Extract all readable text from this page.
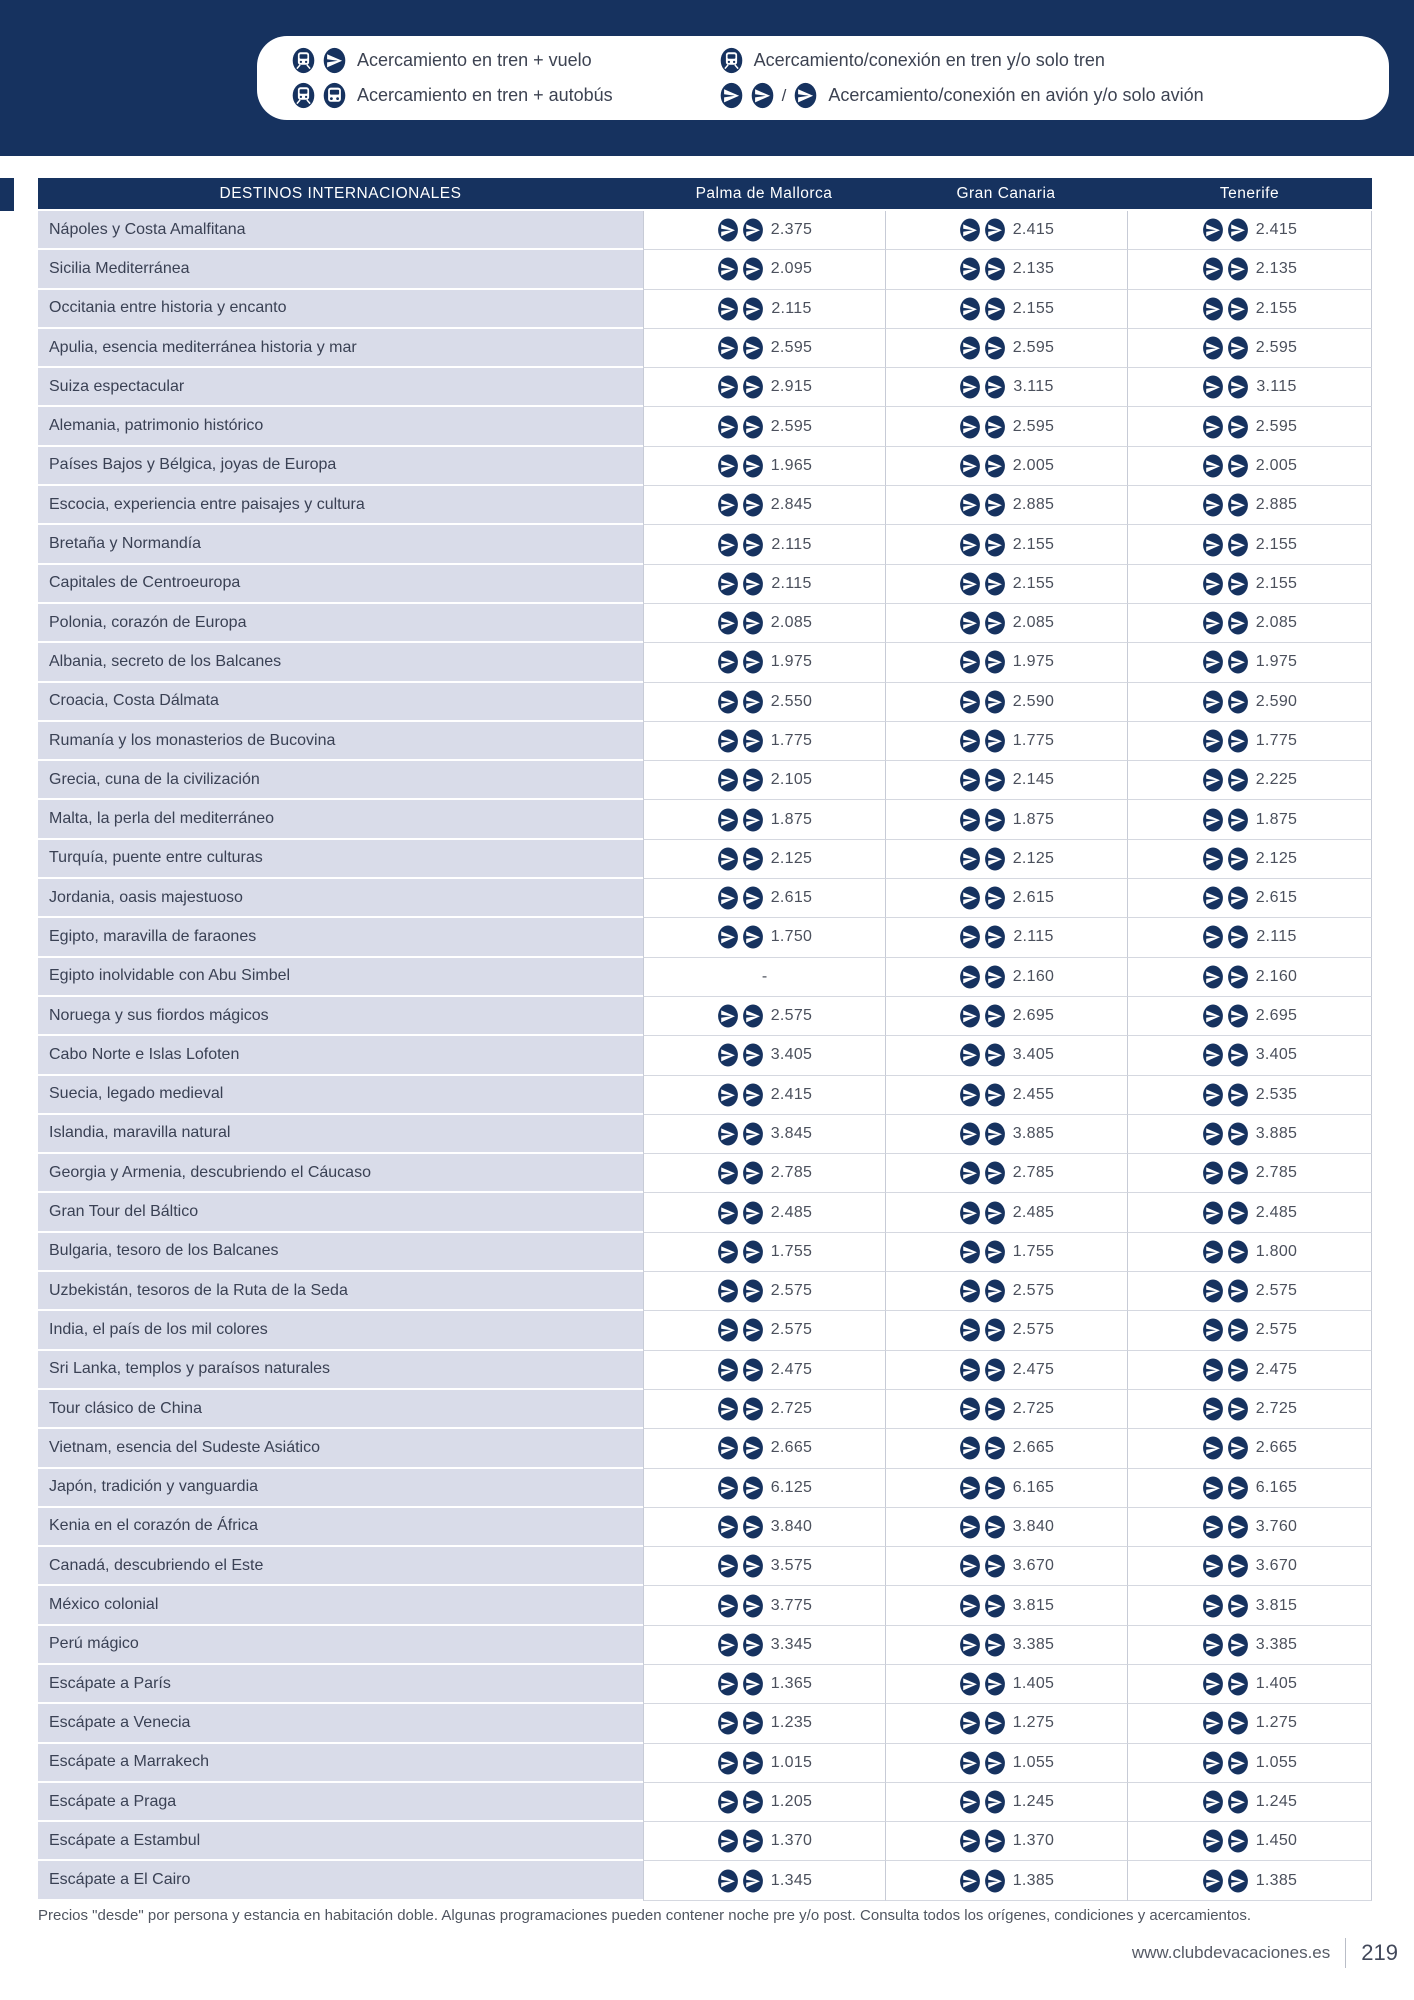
Acercamiento en tren + vuelo
Acercamiento en tren + autobús
Acercamiento/conexión en tren y/o solo tren
/ Acercamiento/conexión en avión y/o solo avión
DESTINOS INTERNACIONALES	Palma de Mallorca	Gran Canaria	Tenerife
Nápoles y Costa Amalfitana	2.375	2.415	2.415
Sicilia Mediterránea	2.095	2.135	2.135
Occitania entre historia y encanto	2.115	2.155	2.155
Apulia, esencia mediterránea historia y mar	2.595	2.595	2.595
Suiza espectacular	2.915	3.115	3.115
Alemania, patrimonio histórico	2.595	2.595	2.595
Países Bajos y Bélgica, joyas de Europa	1.965	2.005	2.005
Escocia, experiencia entre paisajes y cultura	2.845	2.885	2.885
Bretaña y Normandía	2.115	2.155	2.155
Capitales de Centroeuropa	2.115	2.155	2.155
Polonia, corazón de Europa	2.085	2.085	2.085
Albania, secreto de los Balcanes	1.975	1.975	1.975
Croacia, Costa Dálmata	2.550	2.590	2.590
Rumanía y los monasterios de Bucovina	1.775	1.775	1.775
Grecia, cuna de la civilización	2.105	2.145	2.225
Malta, la perla del mediterráneo	1.875	1.875	1.875
Turquía, puente entre culturas	2.125	2.125	2.125
Jordania, oasis majestuoso	2.615	2.615	2.615
Egipto, maravilla de faraones	1.750	2.115	2.115
Egipto inolvidable con Abu Simbel	-	2.160	2.160
Noruega y sus fiordos mágicos	2.575	2.695	2.695
Cabo Norte e Islas Lofoten	3.405	3.405	3.405
Suecia, legado medieval	2.415	2.455	2.535
Islandia, maravilla natural	3.845	3.885	3.885
Georgia y Armenia, descubriendo el Cáucaso	2.785	2.785	2.785
Gran Tour del Báltico	2.485	2.485	2.485
Bulgaria, tesoro de los Balcanes	1.755	1.755	1.800
Uzbekistán, tesoros de la Ruta de la Seda	2.575	2.575	2.575
India, el país de los mil colores	2.575	2.575	2.575
Sri Lanka, templos y paraísos naturales	2.475	2.475	2.475
Tour clásico de China	2.725	2.725	2.725
Vietnam, esencia del Sudeste Asiático	2.665	2.665	2.665
Japón, tradición y vanguardia	6.125	6.165	6.165
Kenia en el corazón de África	3.840	3.840	3.760
Canadá, descubriendo el Este	3.575	3.670	3.670
México colonial	3.775	3.815	3.815
Perú mágico	3.345	3.385	3.385
Escápate a París	1.365	1.405	1.405
Escápate a Venecia	1.235	1.275	1.275
Escápate a Marrakech	1.015	1.055	1.055
Escápate a Praga	1.205	1.245	1.245
Escápate a Estambul	1.370	1.370	1.450
Escápate a El Cairo	1.345	1.385	1.385
Precios "desde" por persona y estancia en habitación doble. Algunas programaciones pueden contener noche pre y/o post. Consulta todos los orígenes, condiciones y acercamientos.
www.clubdevacaciones.es 219
